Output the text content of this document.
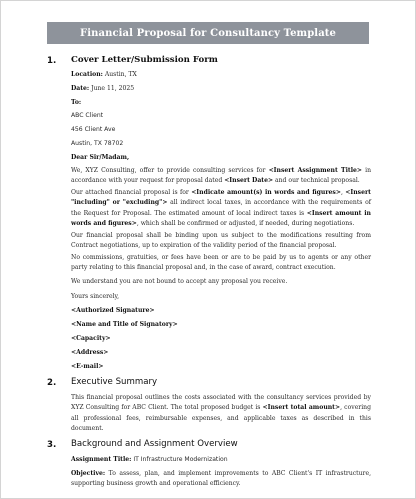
Financial Proposal for Consultancy Template
1. Cover Letter/Submission Form
Location: Austin, TX
Date: June 11, 2025
To:
ABC Client
456 Client Ave
Austin, TX 78702
Dear Sir/Madam,
We, XYZ Consulting, offer to provide consulting services for <Insert Assignment Title> in accordance with your request for proposal dated <Insert Date> and our technical proposal.
Our attached financial proposal is for <Indicate amount(s) in words and figures>, <Insert "including" or "excluding"> all indirect local taxes, in accordance with the requirements of the Request for Proposal. The estimated amount of local indirect taxes is <Insert amount in words and figures>, which shall be confirmed or adjusted, if needed, during negotiations.
Our financial proposal shall be binding upon us subject to the modifications resulting from Contract negotiations, up to expiration of the validity period of the financial proposal.
No commissions, gratuities, or fees have been or are to be paid by us to agents or any other party relating to this financial proposal and, in the case of award, contract execution.
We understand you are not bound to accept any proposal you receive.
Yours sincerely,
<Authorized Signature>
<Name and Title of Signatory>
<Capacity>
<Address>
<E-mail>
2. Executive Summary
This financial proposal outlines the costs associated with the consultancy services provided by XYZ Consulting for ABC Client. The total proposed budget is <Insert total amount>, covering all professional fees, reimbursable expenses, and applicable taxes as described in this document.
3. Background and Assignment Overview
Assignment Title: IT Infrastructure Modernization
Objective: To assess, plan, and implement improvements to ABC Client's IT infrastructure, supporting business growth and operational efficiency.
